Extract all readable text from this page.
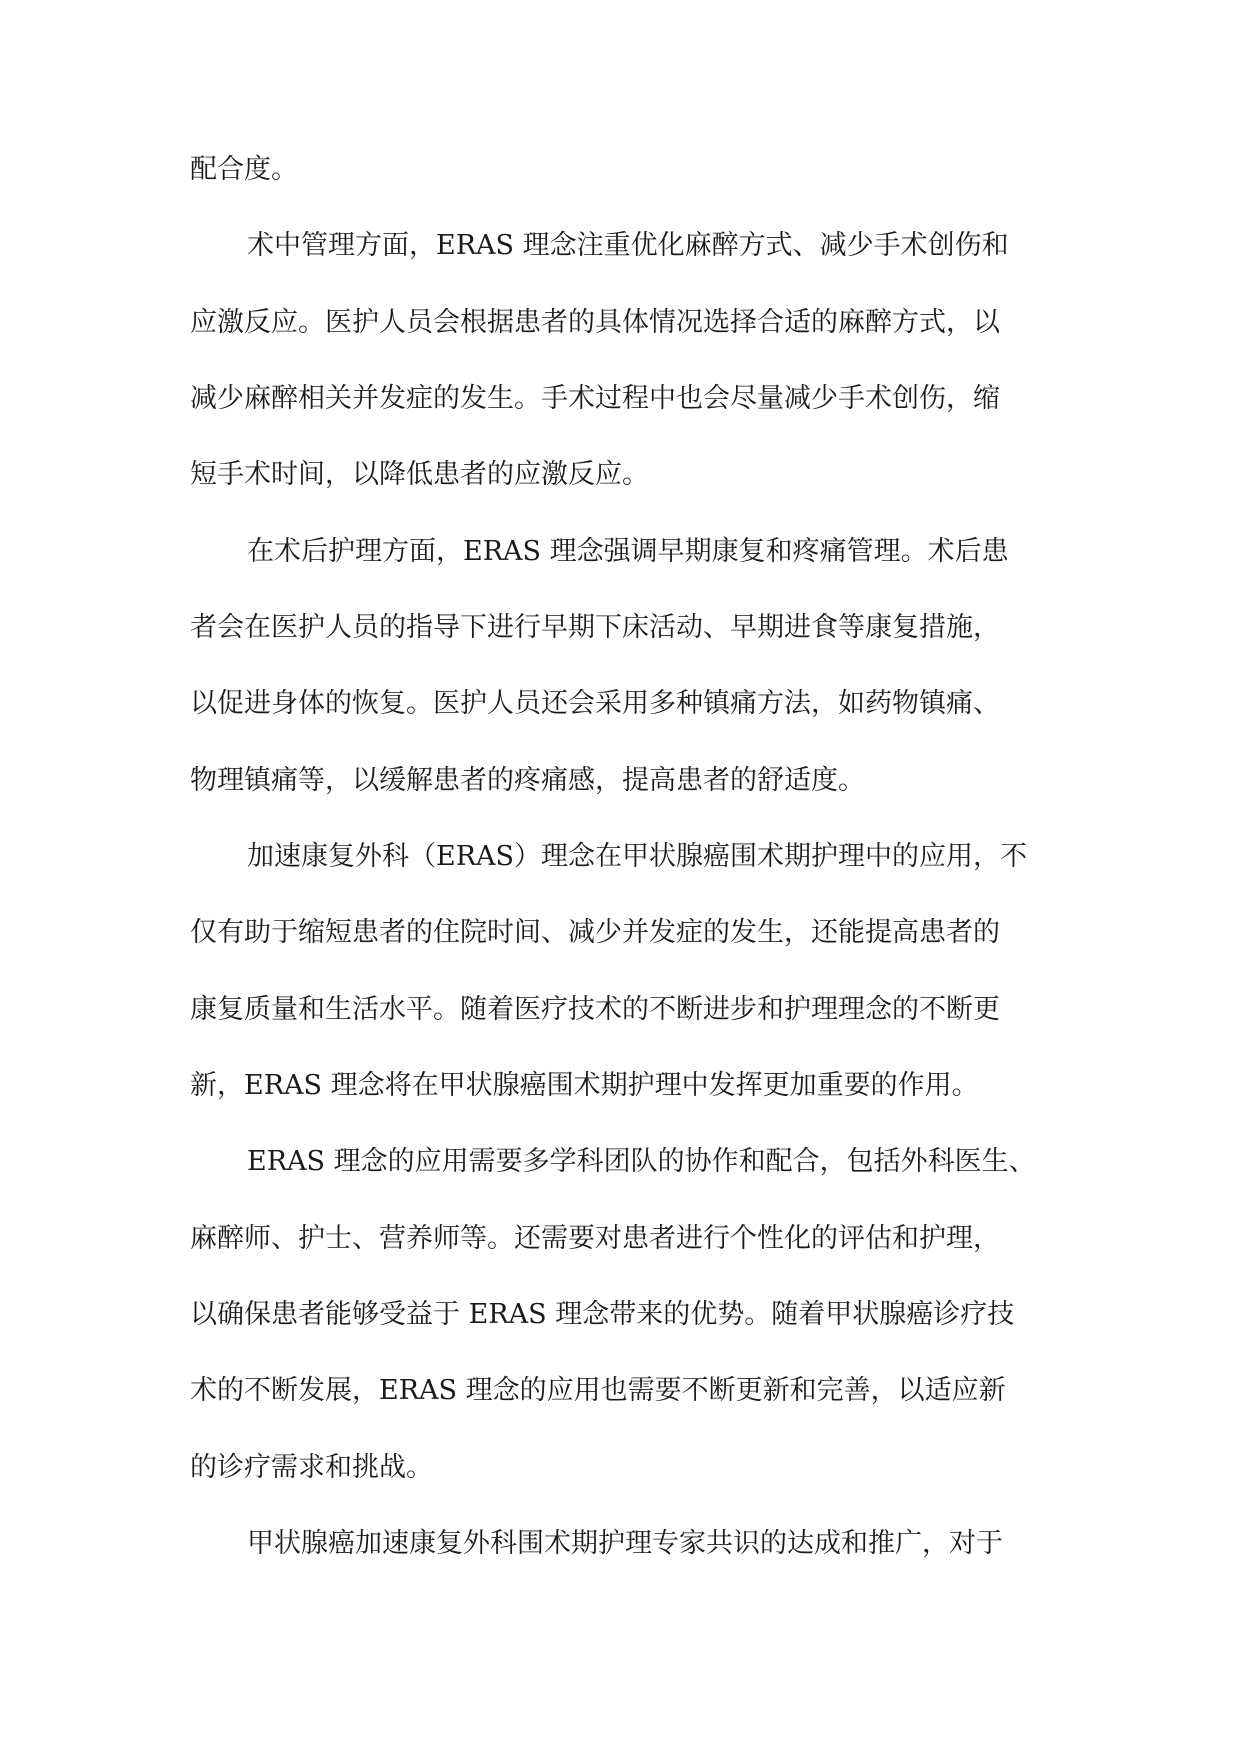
配合度。
术中管理方面，ERAS 理念注重优化麻醉方式、减少手术创伤和
应激反应。医护人员会根据患者的具体情况选择合适的麻醉方式，以
减少麻醉相关并发症的发生。手术过程中也会尽量减少手术创伤，缩
短手术时间，以降低患者的应激反应。
在术后护理方面，ERAS 理念强调早期康复和疼痛管理。术后患
者会在医护人员的指导下进行早期下床活动、早期进食等康复措施，
以促进身体的恢复。医护人员还会采用多种镇痛方法，如药物镇痛、
物理镇痛等，以缓解患者的疼痛感，提高患者的舒适度。
加速康复外科（ERAS）理念在甲状腺癌围术期护理中的应用，不
仅有助于缩短患者的住院时间、减少并发症的发生，还能提高患者的
康复质量和生活水平。随着医疗技术的不断进步和护理理念的不断更
新，ERAS 理念将在甲状腺癌围术期护理中发挥更加重要的作用。
ERAS 理念的应用需要多学科团队的协作和配合，包括外科医生、
麻醉师、护士、营养师等。还需要对患者进行个性化的评估和护理，
以确保患者能够受益于 ERAS 理念带来的优势。随着甲状腺癌诊疗技
术的不断发展，ERAS 理念的应用也需要不断更新和完善，以适应新
的诊疗需求和挑战。
甲状腺癌加速康复外科围术期护理专家共识的达成和推广，对于
